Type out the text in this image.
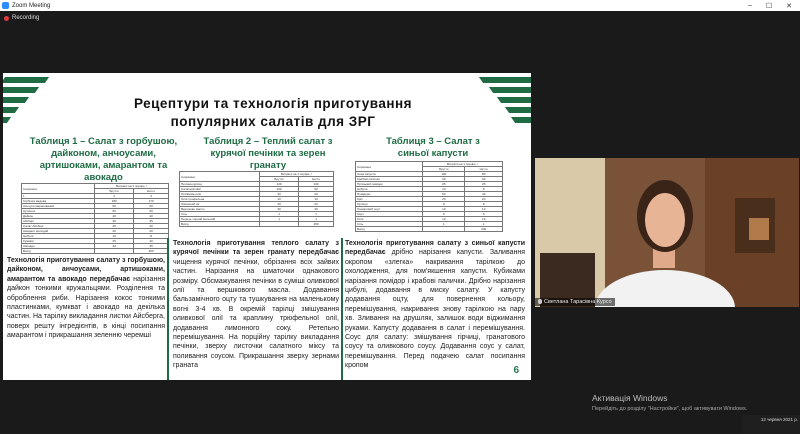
Zoom Meeting	– ☐ ✕
Recording
Рецептури та технологія приготування популярних салатів для ЗРГ
Таблиця 1 – Салат з горбушою, дайконом, анчоусами, артишоками, амарантом та авокадо
Таблиця 2 – Теплий салат з курячої печінки та зерен гранату
Таблиця 3 – Салат з синьої капусти
Сировина	Витрати на 1 порцію, г	
	Брутто	Нетто
1	2	3
Горбуша медова	180	170
Анчоуси маринований	60	60
Артишок	60	60
Дайкон	40	40
Айсберг	30	25
Салат Айсберг	25	20
Амарант молодий	20	20
Цибуля	10	8
Кумкват	25	20
Авокадо	40	35
Вихід		300
Сировина	Витрати на 1 порцію, г	
	Брутто	Нетто
Печінка куряча	120	100
Салатний мікс	100	90
Оливкова олія	20	20
Олія трюфельна	10	10
Лимонний сік	20	20
Вершкове масло	30	30
Сіль	1	1
Перець чорний мелений	1	1
Вихід		250
Сировина	Витрати на 1 порцію, г	
	Брутто	Нетто
Синя капуста	100	80
Крабові палички	60	60
Пр'янький помідор	25	25
Цибуля	10	8
Помідори	50	40
Кріп	20	20
Гірчиця	8	8
Гранатовий соус	10	10
Оцет	5	5
Олія	10	10
Сіль	1	1
Вихід		240
Технологія приготування салату з горбушою, дайконом, анчоусами, артишоками, амарантом та авокадо передбачає нарізання дайкон тонкими кружальцями. Розділення та оброблення риби. Нарізання кокос тонкими пластинками, кумкват і авокадо на декілька частин. На тарілку викладання листки Айсберга, поверх решту інгредієнтів, в кінці посипання амарантом і прикрашання зеленню черемші
Технологія приготування теплого салату з курячої печінки та зерен гранату передбачає чищення курячої печінки, обрізання всіх зайвих частин. Нарізання на шматочки однакового розміру. Обсмажування печінки в суміші оливкової олії та вершкового масла. Додавання бальзамічного оцту та тушкування на маленькому вогні 3-4 хв. В окремій тарілці змішування оливкової олії та краплину трюфельної олії, додавання лимонного соку. Ретельно перемішування. На порційну тарілку викладання печінки, зверху листочки салатного міксу та поливання соусом. Прикрашання зверху зернами граната
Технологія приготування салату з синьої капусти передбачає дрібно нарізання капусти. Заливання окропом «злегка» накривання тарілкою до охолодження, для пом'якшення капусти. Кубиками нарізання помідор і крабові палички. Дрібно нарізання цибулі, додавання в миску салату. У капусту додавання оцту, для повернення кольору, перемішування, накривання знову тарілкою на пару хв. Зливання на друшляк, залишок води віджимання руками. Капусту додавання в салат і перемішування. Соус для салату: змішування гірчиці, гранатового соусу та оливкового соусу. Додавання соус у салат, перемішування. Перед подачею салат посипання кропом	6
Светлана Тарасівна Курсо
Активація Windows
Перейдіть до розділу "Настройки", щоб активувати Windows.
12 червня 2021 р.
